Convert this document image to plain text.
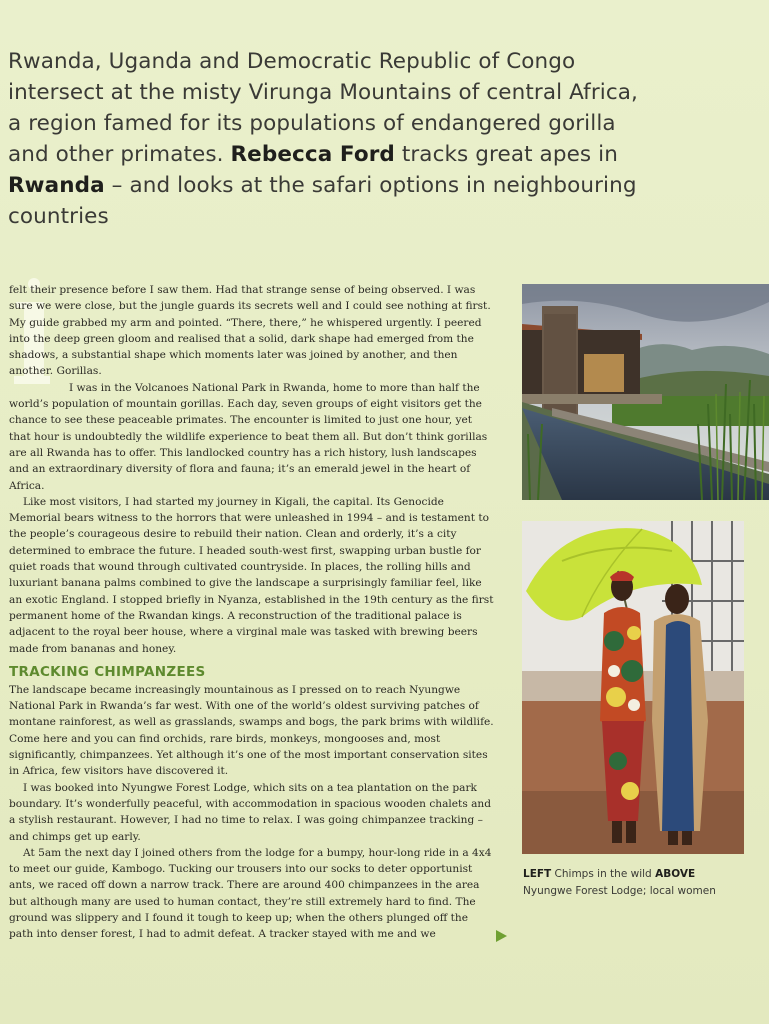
Rwanda, Uganda and Democratic Republic of Congo intersect at the misty Virunga Mountains of central Africa, a region famed for its populations of endangered gorilla and other primates. Rebecca Ford tracks great apes in Rwanda – and looks at the safari options in neighbouring countries
I

felt their presence before I saw them. Had that strange sense of being observed. I was sure we were close, but the jungle guards its secrets well and I could see nothing at first. My guide grabbed my arm and pointed. “There, there,” he whispered urgently. I peered into the deep green gloom and realised that a solid, dark shape had emerged from the shadows, a substantial shape which moments later was joined by another, and then another. Gorillas.

I was in the Volcanoes National Park in Rwanda, home to more than half the world’s population of mountain gorillas. Each day, seven groups of eight visitors get the chance to see these peaceable primates. The encounter is limited to just one hour, yet that hour is undoubtedly the wildlife experience to beat them all. But don’t think gorillas are all Rwanda has to offer. This landlocked country has a rich history, lush landscapes and an extraordinary diversity of flora and fauna; it’s an emerald jewel in the heart of Africa.

Like most visitors, I had started my journey in Kigali, the capital. Its Genocide Memorial bears witness to the horrors that were unleashed in 1994 – and is testament to the people’s courageous desire to rebuild their nation. Clean and orderly, it’s a city determined to embrace the future. I headed south-west first, swapping urban bustle for quiet roads that wound through cultivated countryside. In places, the rolling hills and luxuriant banana palms combined to give the landscape a surprisingly familiar feel, like an exotic England. I stopped briefly in Nyanza, established in the 19th century as the first permanent home of the Rwandan kings. A reconstruction of the traditional palace is adjacent to the royal beer house, where a virginal male was tasked with brewing beers made from bananas and honey.

TRACKING CHIMPANZEES

The landscape became increasingly mountainous as I pressed on to reach Nyungwe National Park in Rwanda’s far west. With one of the world’s oldest surviving patches of montane rainforest, as well as grasslands, swamps and bogs, the park brims with wildlife. Come here and you can find orchids, rare birds, monkeys, mongooses and, most significantly, chimpanzees. Yet although it’s one of the most important conservation sites in Africa, few visitors have discovered it.

I was booked into Nyungwe Forest Lodge, which sits on a tea plantation on the park boundary. It’s wonderfully peaceful, with accommodation in spacious wooden chalets and a stylish restaurant. However, I had no time to relax. I was going chimpanzee tracking – and chimps get up early.

At 5am the next day I joined others from the lodge for a bumpy, hour-long ride in a 4x4 to meet our guide, Kambogo. Tucking our trousers into our socks to deter opportunist ants, we raced off down a narrow track. There are around 400 chimpanzees in the area but although many are used to human contact, they’re still extremely hard to find. The ground was slippery and I found it tough to keep up; when the others plunged off the path into denser forest, I had to admit defeat. A tracker stayed with me and we

LEFT Chimps in the wild ABOVE
Nyungwe Forest Lodge; local women
